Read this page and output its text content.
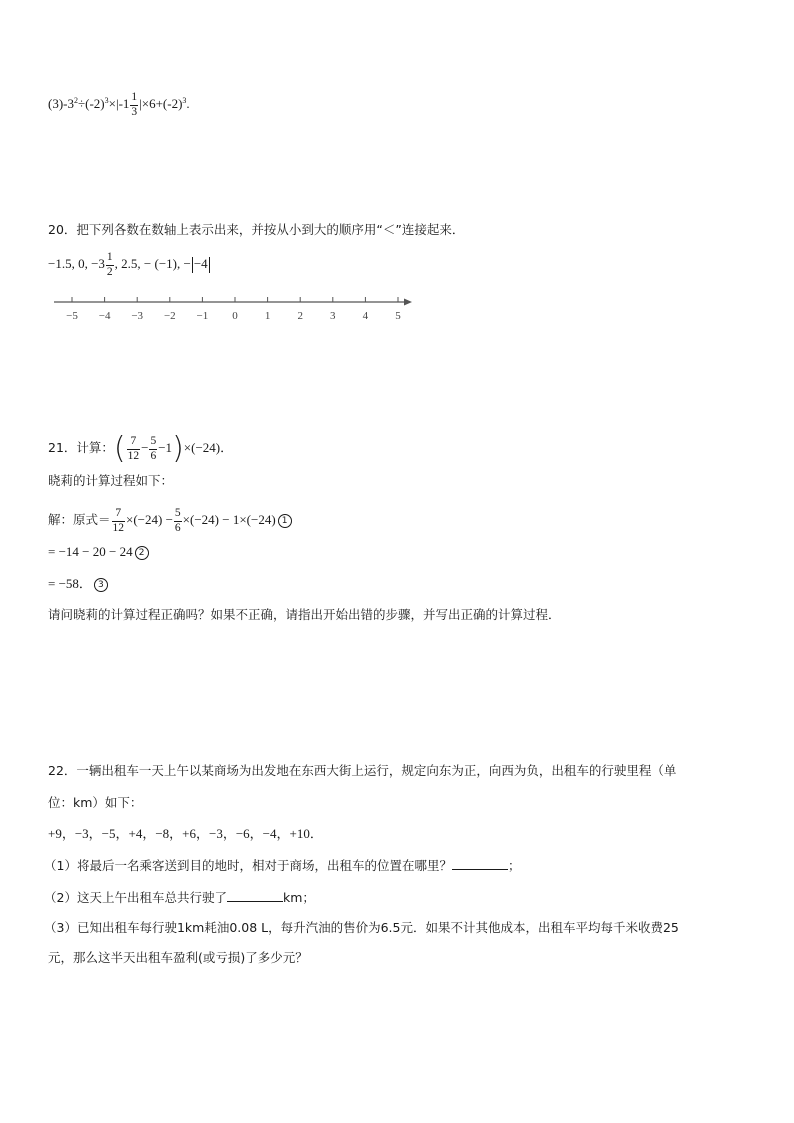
$(3)-3^2\div(-2)^3\times|-1 \frac{1}{3} |\times 6+(-2)^3$.
20．把下列各数在数轴上表示出来，并按从小到大的顺序用“＜”连接起来．
−1.5, 0, $-3 \frac{1}{2}$ , 2.5, − (−1), − −4
−5 −4 −3 −2 −1 0 1 2 3 4 5
21．计算：( $\frac{7}{12} - \frac{5}{6} -1)\times(-24)$．
晓莉的计算过程如下：
解：原式＝ $\frac{7}{12} \times(-24) - \frac{5}{6} \times(-24) - 1\times(-24)$ 1
= −14 − 20 − 24 2
= −58． 3
请问晓莉的计算过程正确吗？如果不正确，请指出开始出错的步骤，并写出正确的计算过程．
22．一辆出租车一天上午以某商场为出发地在东西大街上运行，规定向东为正，向西为负，出租车的行驶里程（单
位：km）如下：
+9，−3，−5，+4，−8，+6，−3，−6，−4，+10．
（1）将最后一名乘客送到目的地时，相对于商场，出租车的位置在哪里？	；
（2）这天上午出租车总共行驶了	km；
（3）已知出租车每行驶1km耗油0.08 L，每升汽油的售价为6.5元．如果不计其他成本，出租车平均每千米收费25
元，那么这半天出租车盈利(或亏损)了多少元？
